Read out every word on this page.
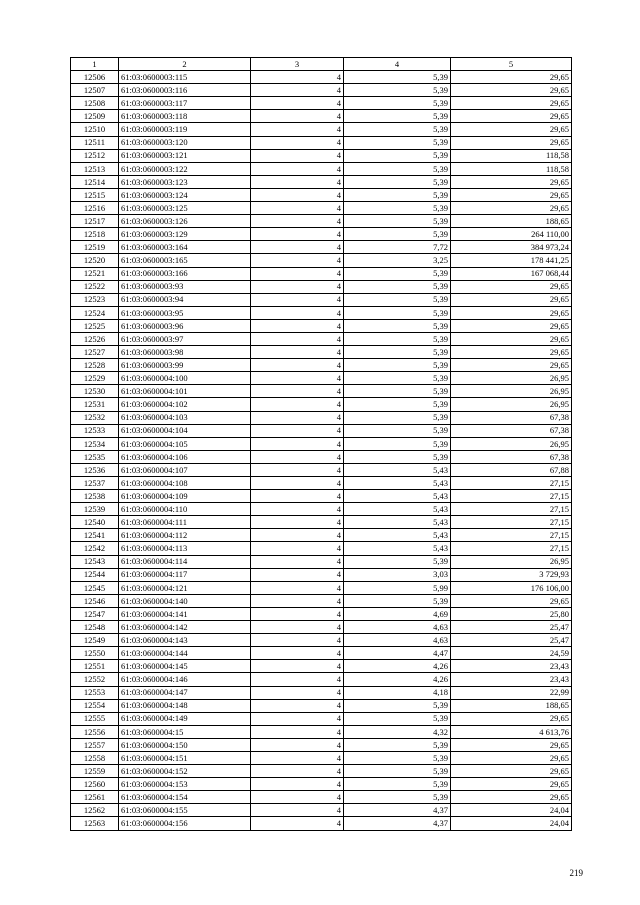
1	2	3	4	5
12506	61:03:0600003:115	4	5,39	29,65
12507	61:03:0600003:116	4	5,39	29,65
12508	61:03:0600003:117	4	5,39	29,65
12509	61:03:0600003:118	4	5,39	29,65
12510	61:03:0600003:119	4	5,39	29,65
12511	61:03:0600003:120	4	5,39	29,65
12512	61:03:0600003:121	4	5,39	118,58
12513	61:03:0600003:122	4	5,39	118,58
12514	61:03:0600003:123	4	5,39	29,65
12515	61:03:0600003:124	4	5,39	29,65
12516	61:03:0600003:125	4	5,39	29,65
12517	61:03:0600003:126	4	5,39	188,65
12518	61:03:0600003:129	4	5,39	264 110,00
12519	61:03:0600003:164	4	7,72	384 973,24
12520	61:03:0600003:165	4	3,25	178 441,25
12521	61:03:0600003:166	4	5,39	167 068,44
12522	61:03:0600003:93	4	5,39	29,65
12523	61:03:0600003:94	4	5,39	29,65
12524	61:03:0600003:95	4	5,39	29,65
12525	61:03:0600003:96	4	5,39	29,65
12526	61:03:0600003:97	4	5,39	29,65
12527	61:03:0600003:98	4	5,39	29,65
12528	61:03:0600003:99	4	5,39	29,65
12529	61:03:0600004:100	4	5,39	26,95
12530	61:03:0600004:101	4	5,39	26,95
12531	61:03:0600004:102	4	5,39	26,95
12532	61:03:0600004:103	4	5,39	67,38
12533	61:03:0600004:104	4	5,39	67,38
12534	61:03:0600004:105	4	5,39	26,95
12535	61:03:0600004:106	4	5,39	67,38
12536	61:03:0600004:107	4	5,43	67,88
12537	61:03:0600004:108	4	5,43	27,15
12538	61:03:0600004:109	4	5,43	27,15
12539	61:03:0600004:110	4	5,43	27,15
12540	61:03:0600004:111	4	5,43	27,15
12541	61:03:0600004:112	4	5,43	27,15
12542	61:03:0600004:113	4	5,43	27,15
12543	61:03:0600004:114	4	5,39	26,95
12544	61:03:0600004:117	4	3,03	3 729,93
12545	61:03:0600004:121	4	5,99	176 106,00
12546	61:03:0600004:140	4	5,39	29,65
12547	61:03:0600004:141	4	4,69	25,80
12548	61:03:0600004:142	4	4,63	25,47
12549	61:03:0600004:143	4	4,63	25,47
12550	61:03:0600004:144	4	4,47	24,59
12551	61:03:0600004:145	4	4,26	23,43
12552	61:03:0600004:146	4	4,26	23,43
12553	61:03:0600004:147	4	4,18	22,99
12554	61:03:0600004:148	4	5,39	188,65
12555	61:03:0600004:149	4	5,39	29,65
12556	61:03:0600004:15	4	4,32	4 613,76
12557	61:03:0600004:150	4	5,39	29,65
12558	61:03:0600004:151	4	5,39	29,65
12559	61:03:0600004:152	4	5,39	29,65
12560	61:03:0600004:153	4	5,39	29,65
12561	61:03:0600004:154	4	5,39	29,65
12562	61:03:0600004:155	4	4,37	24,04
12563	61:03:0600004:156	4	4,37	24,04
219
